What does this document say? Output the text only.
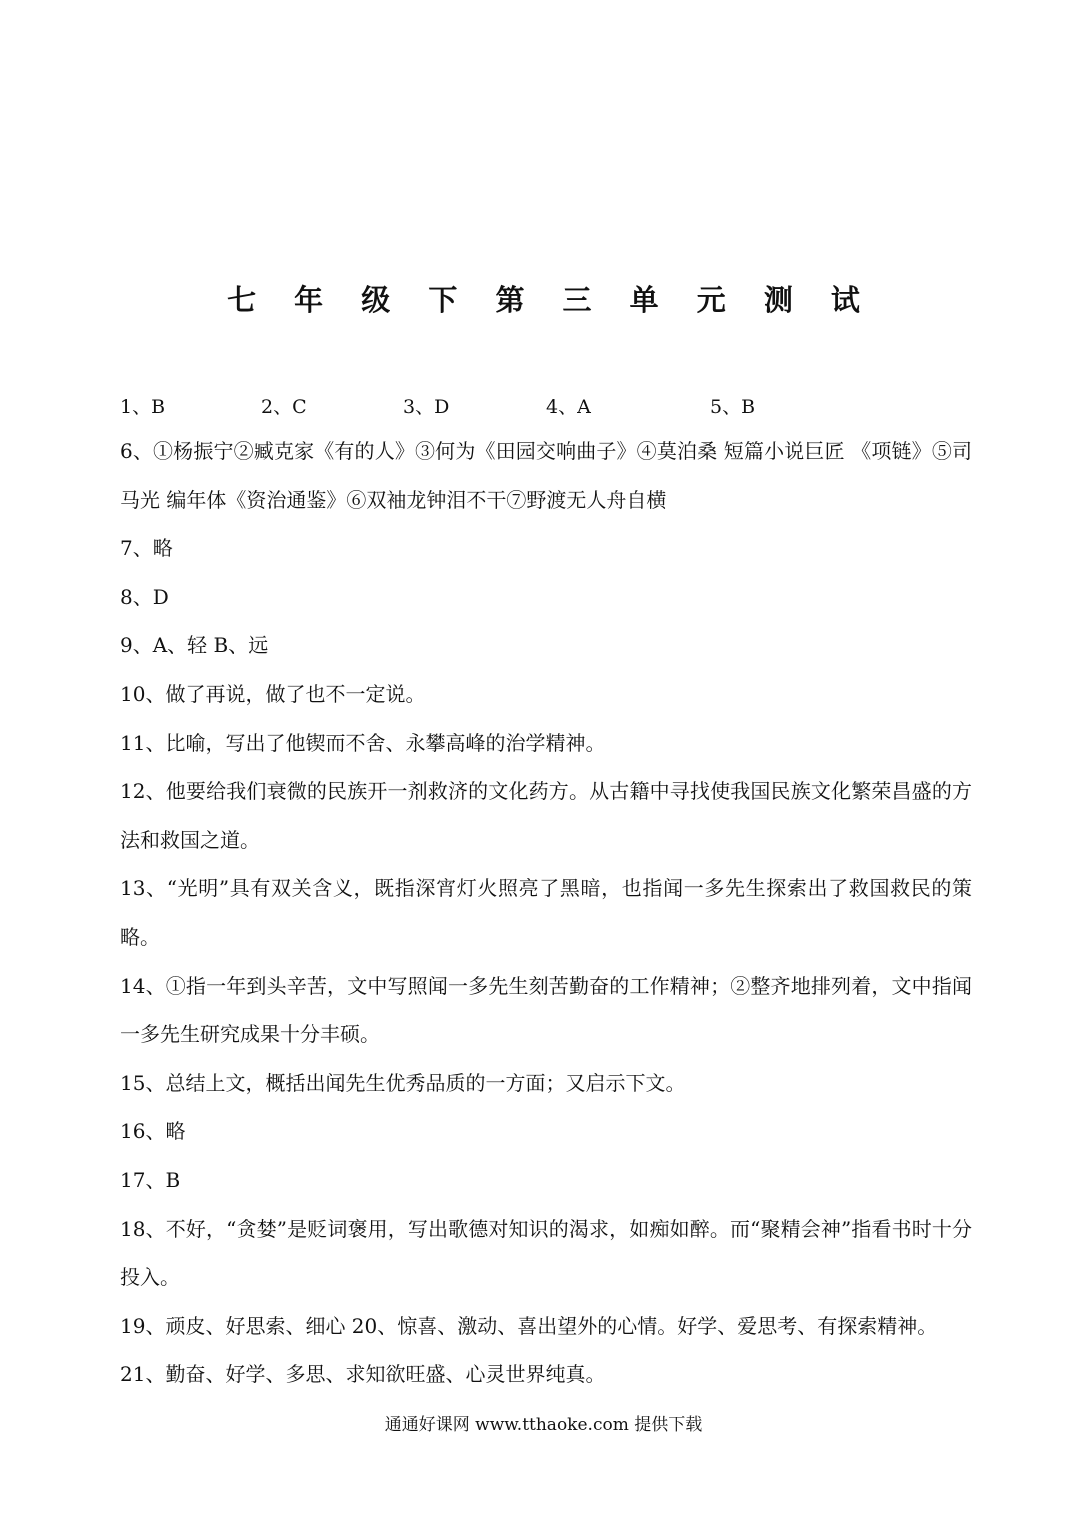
七 年 级 下 第 三 单 元 测 试
1、B	2、C	3、D	4、A	5、B

6、①杨振宁②臧克家《有的人》③何为《田园交响曲子》④莫泊桑 短篇小说巨匠 《项链》⑤司马光 编年体《资治通鉴》⑥双袖龙钟泪不干⑦野渡无人舟自横

7、略

8、D

9、A、轻 B、远

10、做了再说，做了也不一定说。

11、比喻，写出了他锲而不舍、永攀高峰的治学精神。

12、他要给我们衰微的民族开一剂救济的文化药方。从古籍中寻找使我国民族文化繁荣昌盛的方法和救国之道。

13、“光明”具有双关含义，既指深宵灯火照亮了黑暗，也指闻一多先生探索出了救国救民的策略。

14、①指一年到头辛苦，文中写照闻一多先生刻苦勤奋的工作精神；②整齐地排列着，文中指闻一多先生研究成果十分丰硕。

15、总结上文，概括出闻先生优秀品质的一方面；又启示下文。

16、略

17、B

18、不好，“贪婪”是贬词褒用，写出歌德对知识的渴求，如痴如醉。而“聚精会神”指看书时十分投入。

19、顽皮、好思索、细心 20、惊喜、激动、喜出望外的心情。好学、爱思考、有探索精神。

21、勤奋、好学、多思、求知欲旺盛、心灵世界纯真。

通通好课网 www.tthaoke.com 提供下载
